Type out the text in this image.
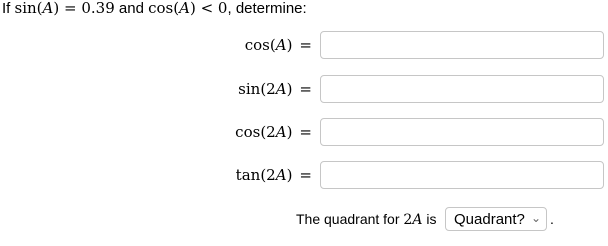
If sin(A) = 0.39 and cos(A) < 0, determine:
cos(A) =
sin(2A) =
cos(2A) =
tan(2A) =
The quadrant for 2A is Quadrant? ⌄ .
